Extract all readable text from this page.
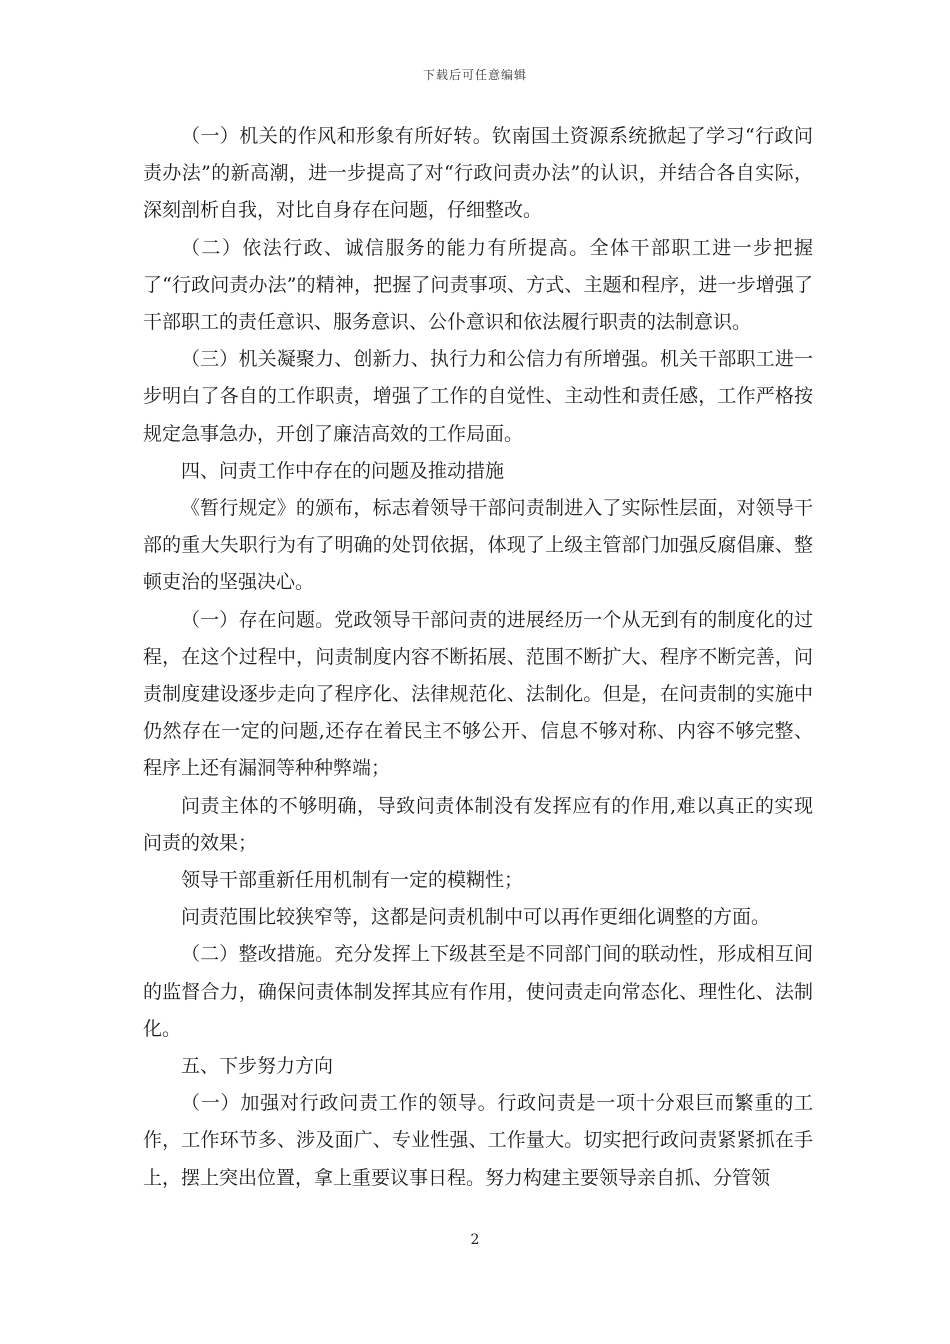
下载后可任意编辑

（一）机关的作风和形象有所好转。钦南国土资源系统掀起了学习“行政问责办法”的新高潮，进一步提高了对“行政问责办法”的认识，并结合各自实际，深刻剖析自我，对比自身存在问题，仔细整改。

（二）依法行政、诚信服务的能力有所提高。全体干部职工进一步把握了“行政问责办法”的精神，把握了问责事项、方式、主题和程序，进一步增强了干部职工的责任意识、服务意识、公仆意识和依法履行职责的法制意识。

（三）机关凝聚力、创新力、执行力和公信力有所增强。机关干部职工进一步明白了各自的工作职责，增强了工作的自觉性、主动性和责任感，工作严格按规定急事急办，开创了廉洁高效的工作局面。

四、问责工作中存在的问题及推动措施

《暂行规定》的颁布，标志着领导干部问责制进入了实际性层面，对领导干部的重大失职行为有了明确的处罚依据，体现了上级主管部门加强反腐倡廉、整顿吏治的坚强决心。

（一）存在问题。党政领导干部问责的进展经历一个从无到有的制度化的过程，在这个过程中，问责制度内容不断拓展、范围不断扩大、程序不断完善，问责制度建设逐步走向了程序化、法律规范化、法制化。但是，在问责制的实施中仍然存在一定的问题,还存在着民主不够公开、信息不够对称、内容不够完整、程序上还有漏洞等种种弊端；

问责主体的不够明确，导致问责体制没有发挥应有的作用,难以真正的实现问责的效果；

领导干部重新任用机制有一定的模糊性；

问责范围比较狭窄等，这都是问责机制中可以再作更细化调整的方面。

（二）整改措施。充分发挥上下级甚至是不同部门间的联动性，形成相互间的监督合力，确保问责体制发挥其应有作用，使问责走向常态化、理性化、法制化。

五、下步努力方向

（一）加强对行政问责工作的领导。行政问责是一项十分艰巨而繁重的工作，工作环节多、涉及面广、专业性强、工作量大。切实把行政问责紧紧抓在手上，摆上突出位置，拿上重要议事日程。努力构建主要领导亲自抓、分管领

2
